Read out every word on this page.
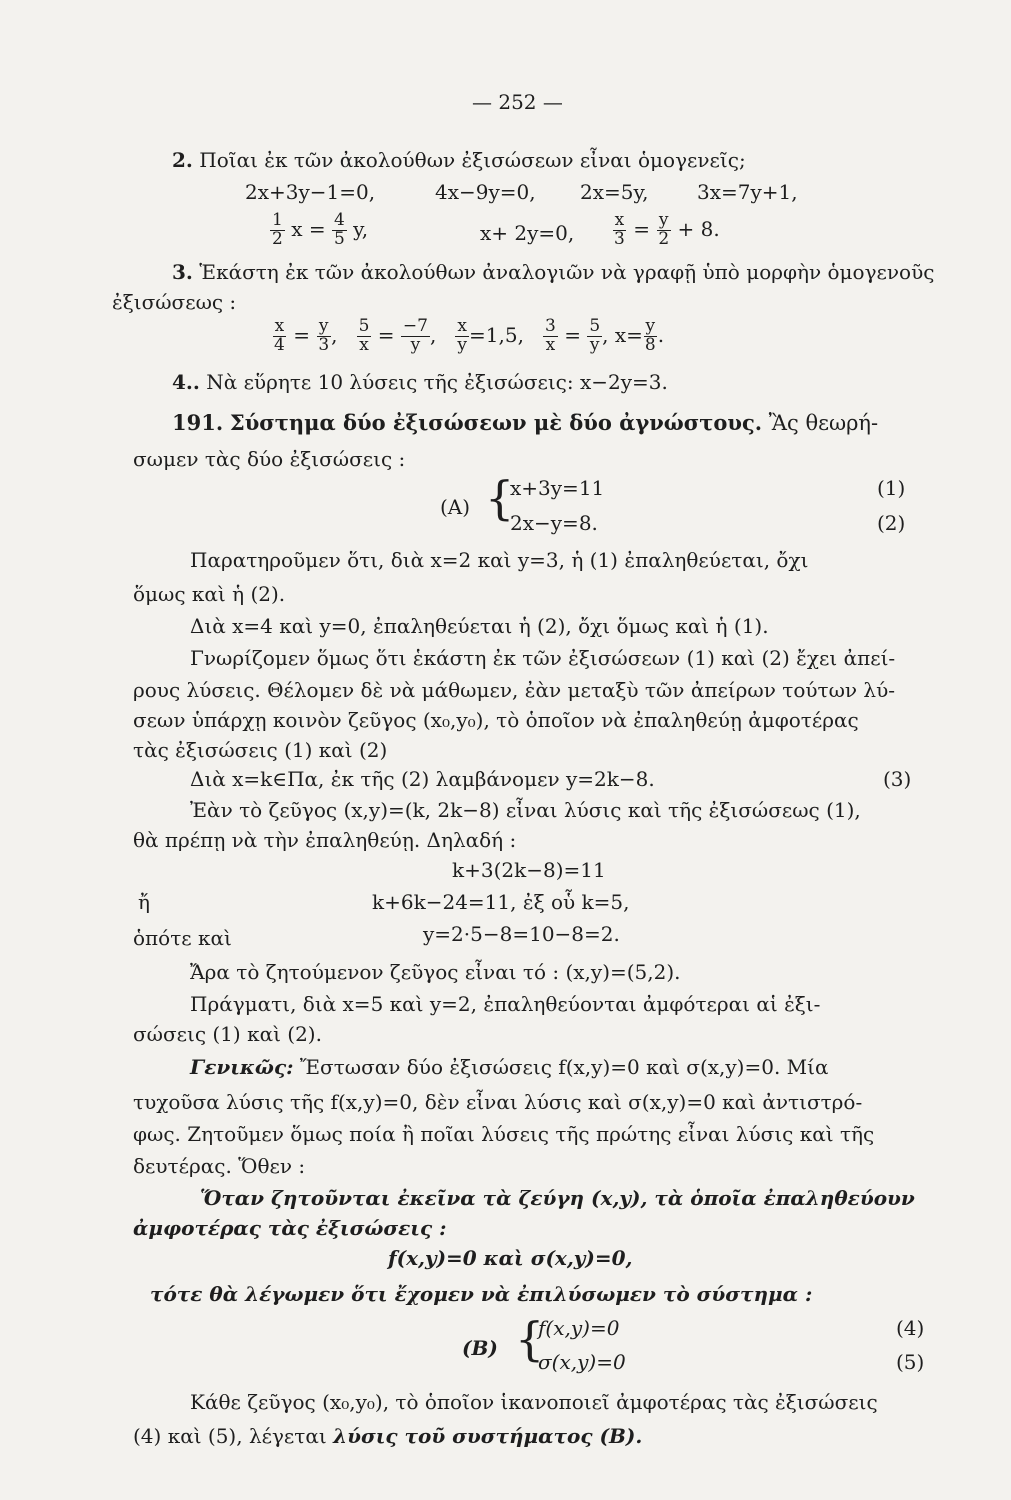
— 252 —
2. Ποῖαι ἐκ τῶν ἀκολούθων ἐξισώσεων εἶναι ὁμογενεῖς;
2x+3y−1=0,	4x−9y=0, 2x=5y, 3x=7y+1,
$\frac{1}{2}$ $x = \frac{4}{5} y$,	x+ 2y=0, $\frac{x}{3} = \frac{y}{2} + 8$.
3. Ἑκάστη ἐκ τῶν ἀκολούθων ἀναλογιῶν νὰ γραφῇ ὑπὸ μορφὴν ὁμογενοῦς
ἐξισώσεως :
$\frac{x}{4} = \frac{y}{3}$ , $\frac{5}{x} = \frac{-7}{y}$ , $\frac{x}{y} =1,5$, $\frac{3}{x} = \frac{5}{y}$ , $x= \frac{y}{8}$ .
4.. Νὰ εὕρητε 10 λύσεις τῆς ἐξισώσεις: x−2y=3.
191. Σύστημα δύο ἐξισώσεων μὲ δύο ἀγνώστους. Ἂς θεωρή-
σωμεν τὰς δύο ἐξισώσεις :
(A) {
x+3y=11
2x−y=8.
(1)
(2)
Παρατηροῦμεν ὅτι, διὰ x=2 καὶ y=3, ἡ (1) ἐπαληθεύεται, ὄχι
ὅμως καὶ ἡ (2).
Διὰ x=4 καὶ y=0, ἐπαληθεύεται ἡ (2), ὄχι ὅμως καὶ ἡ (1).
Γνωρίζομεν ὅμως ὅτι ἑκάστη ἐκ τῶν ἐξισώσεων (1) καὶ (2) ἔχει ἀπεί-
ρους λύσεις. Θέλομεν δὲ νὰ μάθωμεν, ἐὰν μεταξὺ τῶν ἀπείρων τούτων λύ-
σεων ὑπάρχῃ κοινὸν ζεῦγος (x₀,y₀), τὸ ὁποῖον νὰ ἐπαληθεύῃ ἀμφοτέρας
τὰς ἐξισώσεις (1) καὶ (2)
Διὰ x=k∈Πα, ἐκ τῆς (2) λαμβάνομεν y=2k−8.	(3)
Ἐὰν τὸ ζεῦγος (x,y)=(k, 2k−8) εἶναι λύσις καὶ τῆς ἐξισώσεως (1),
θὰ πρέπῃ νὰ τὴν ἐπαληθεύῃ. Δηλαδή :
k+3(2k−8)=11
ἤ	k+6k−24=11, ἐξ οὗ k=5,
ὁπότε καὶ	y=2·5−8=10−8=2.
Ἄρα τὸ ζητούμενον ζεῦγος εἶναι τό : (x,y)=(5,2).
Πράγματι, διὰ x=5 καὶ y=2, ἐπαληθεύονται ἀμφότεραι αἱ ἐξι-
σώσεις (1) καὶ (2).
Γενικῶς: Ἔστωσαν δύο ἐξισώσεις f(x,y)=0 καὶ σ(x,y)=0. Μία
τυχοῦσα λύσις τῆς f(x,y)=0, δὲν εἶναι λύσις καὶ σ(x,y)=0 καὶ ἀντιστρό-
φως. Ζητοῦμεν ὅμως ποία ἢ ποῖαι λύσεις τῆς πρώτης εἶναι λύσις καὶ τῆς
δευτέρας. Ὅθεν :
Ὅταν ζητοῦνται ἐκεῖνα τὰ ζεύγη (x,y), τὰ ὁποῖα ἐπαληθεύουν
ἀμφοτέρας τὰς ἐξισώσεις :
f(x,y)=0 καὶ σ(x,y)=0,
τότε θὰ λέγωμεν ὅτι ἔχομεν νὰ ἐπιλύσωμεν τὸ σύστημα :
(B) {
f(x,y)=0
σ(x,y)=0
(4)
(5)
Κάθε ζεῦγος (x₀,y₀), τὸ ὁποῖον ἱκανοποιεῖ ἀμφοτέρας τὰς ἐξισώσεις
(4) καὶ (5), λέγεται λύσις τοῦ συστήματος (B).
